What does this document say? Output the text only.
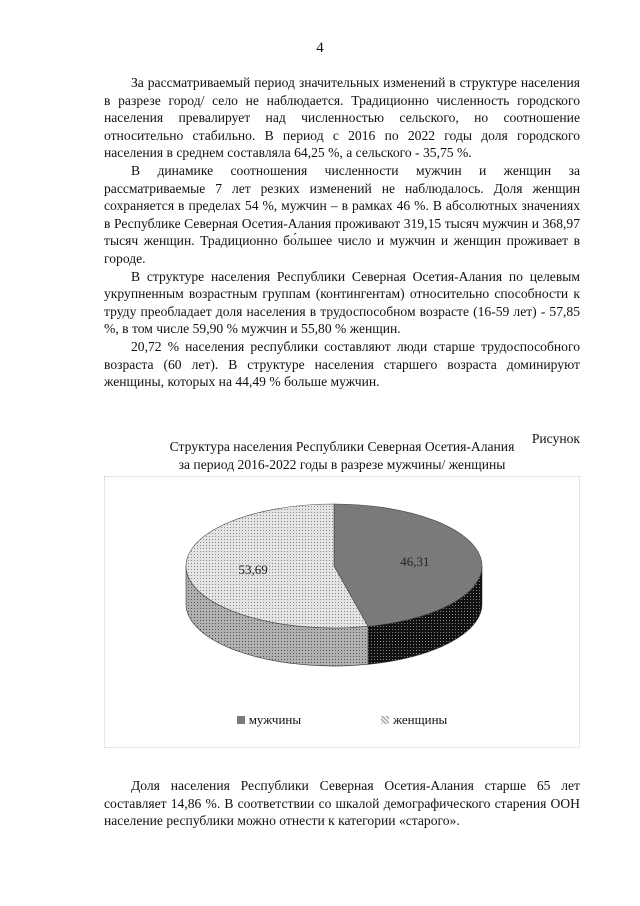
4

За рассматриваемый период значительных изменений в структуре населения в разрезе город/ село не наблюдается. Традиционно численность городского населения превалирует над численностью сельского, но соотношение относительно стабильно. В период с 2016 по 2022 годы доля городского населения в среднем составляла 64,25 %, а сельского - 35,75 %.

В динамике соотношения численности мужчин и женщин за рассматриваемые 7 лет резких изменений не наблюдалось. Доля женщин сохраняется в пределах 54 %, мужчин – в рамках 46 %. В абсолютных значениях в Республике Северная Осетия-Алания проживают 319,15 тысяч мужчин и 368,97 тысяч женщин. Традиционно бо́льшее число и мужчин и женщин проживает в городе.

В структуре населения Республики Северная Осетия-Алания по целевым укрупненным возрастным группам (контингентам) относительно способности к труду преобладает доля населения в трудоспособном возрасте (16-59 лет) - 57,85 %, в том числе 59,90 % мужчин и 55,80 % женщин.

20,72 % населения республики составляют люди старше трудоспособного возраста (60 лет). В структуре населения старшего возраста доминируют женщины, которых на 44,49 % больше мужчин.

Рисунок
Структура населения Республики Северная Осетия-Алания
за период 2016-2022 годы в разрезе мужчины/ женщины
46,31
53,69
мужчины	женщины

Доля населения Республики Северная Осетия-Алания старше 65 лет составляет 14,86 %. В соответствии со шкалой демографического старения ООН население республики можно отнести к категории «старого».
